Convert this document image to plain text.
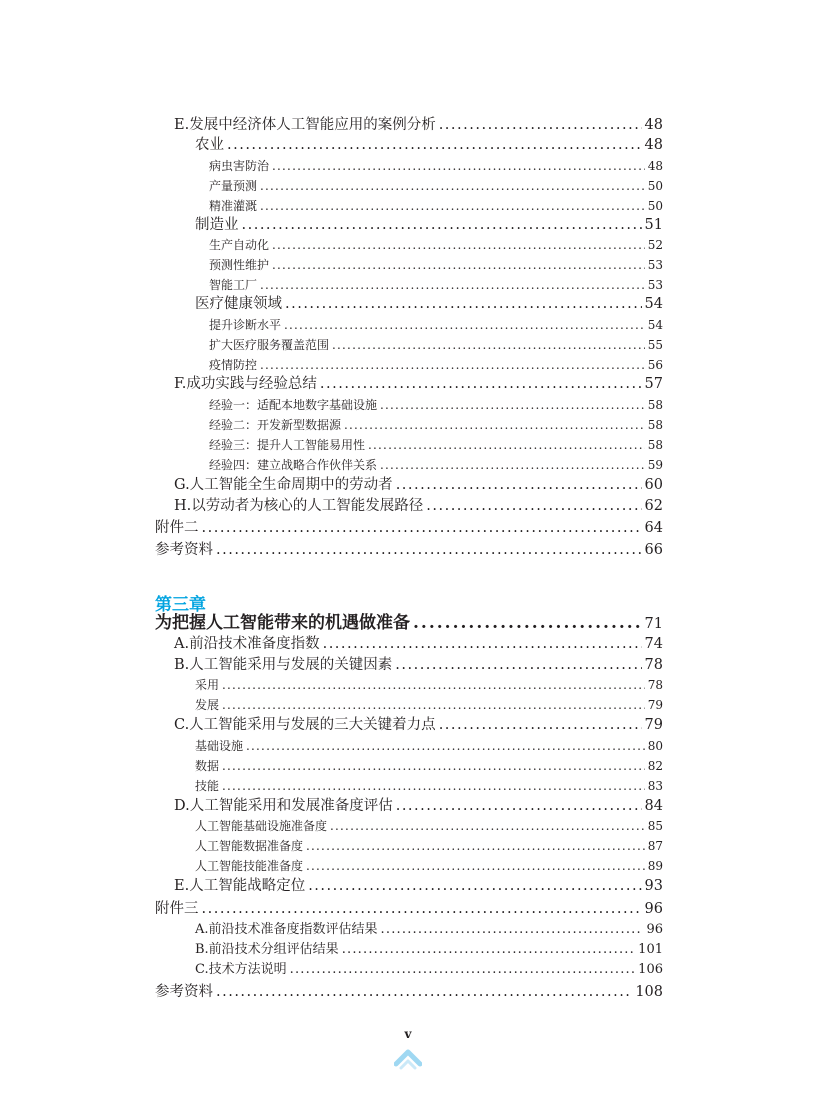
E.发展中经济体人工智能应用的案例分析 .....	48
农业 .....	48
病虫害防治 .....	48
产量预测 .....	50
精准灌溉 .....	50
制造业 .....	51
生产自动化 .....	52
预测性维护 .....	53
智能工厂 .....	53
医疗健康领域 .....	54
提升诊断水平 .....	54
扩大医疗服务覆盖范围 .....	55
疫情防控 .....	56
F.成功实践与经验总结 .....	57
经验一：适配本地数字基础设施 .....	58
经验二：开发新型数据源 .....	58
经验三：提升人工智能易用性 .....	58
经验四：建立战略合作伙伴关系 .....	59
G.人工智能全生命周期中的劳动者 .....	60
H.以劳动者为核心的人工智能发展路径 .....	62
附件二 .....	64
参考资料 .....	66
第三章
为把握人工智能带来的机遇做准备 .....	71
A.前沿技术准备度指数 .....	74
B.人工智能采用与发展的关键因素 .....	78
采用 .....	78
发展 .....	79
C.人工智能采用与发展的三大关键着力点 .....	79
基础设施 .....	80
数据 .....	82
技能 .....	83
D.人工智能采用和发展准备度评估 .....	84
人工智能基础设施准备度 .....	85
人工智能数据准备度 .....	87
人工智能技能准备度 .....	89
E.人工智能战略定位 .....	93
附件三 .....	96
A.前沿技术准备度指数评估结果 .....	96
B.前沿技术分组评估结果 .....	101
C.技术方法说明 .....	106
参考资料 .....	108
v
